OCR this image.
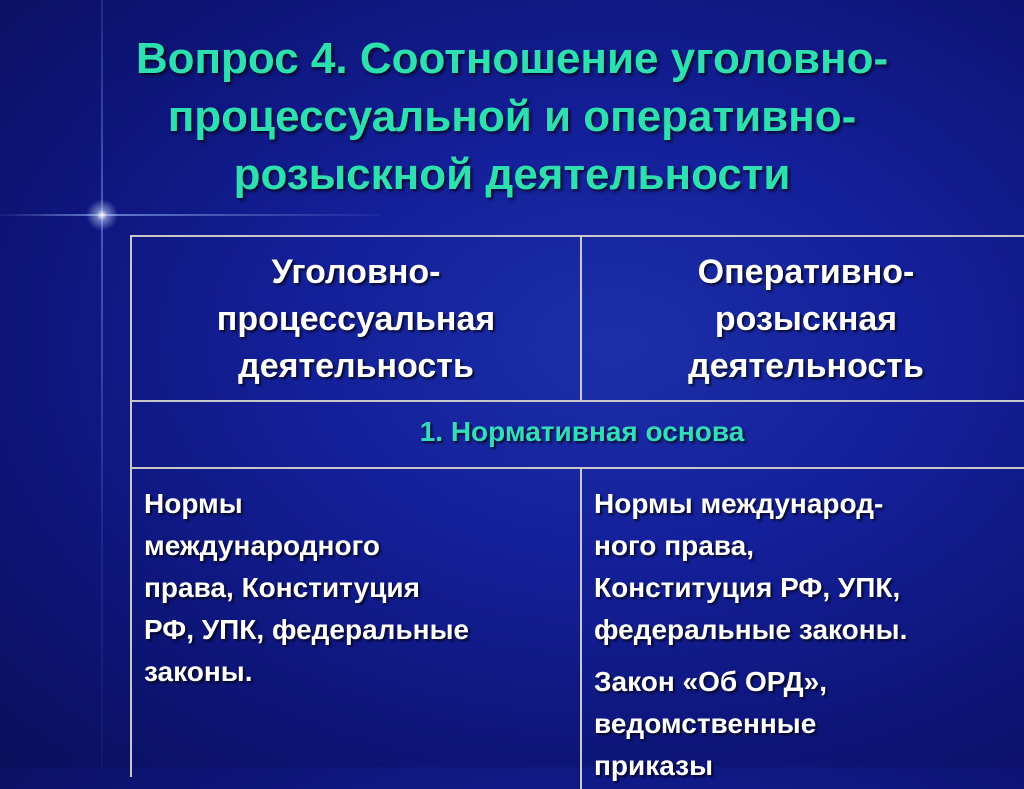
Вопрос 4. Соотношение уголовно-
процессуальной и оперативно-
розыскной деятельности
Уголовно-
процессуальная
деятельность
Оперативно-
розыскная
деятельность
1. Нормативная основа
Нормы
международного
права, Конституция
РФ, УПК, федеральные
законы.
Нормы международ-
ного права,
Конституция РФ, УПК,
федеральные законы.
Закон «Об ОРД»,
ведомственные
приказы
